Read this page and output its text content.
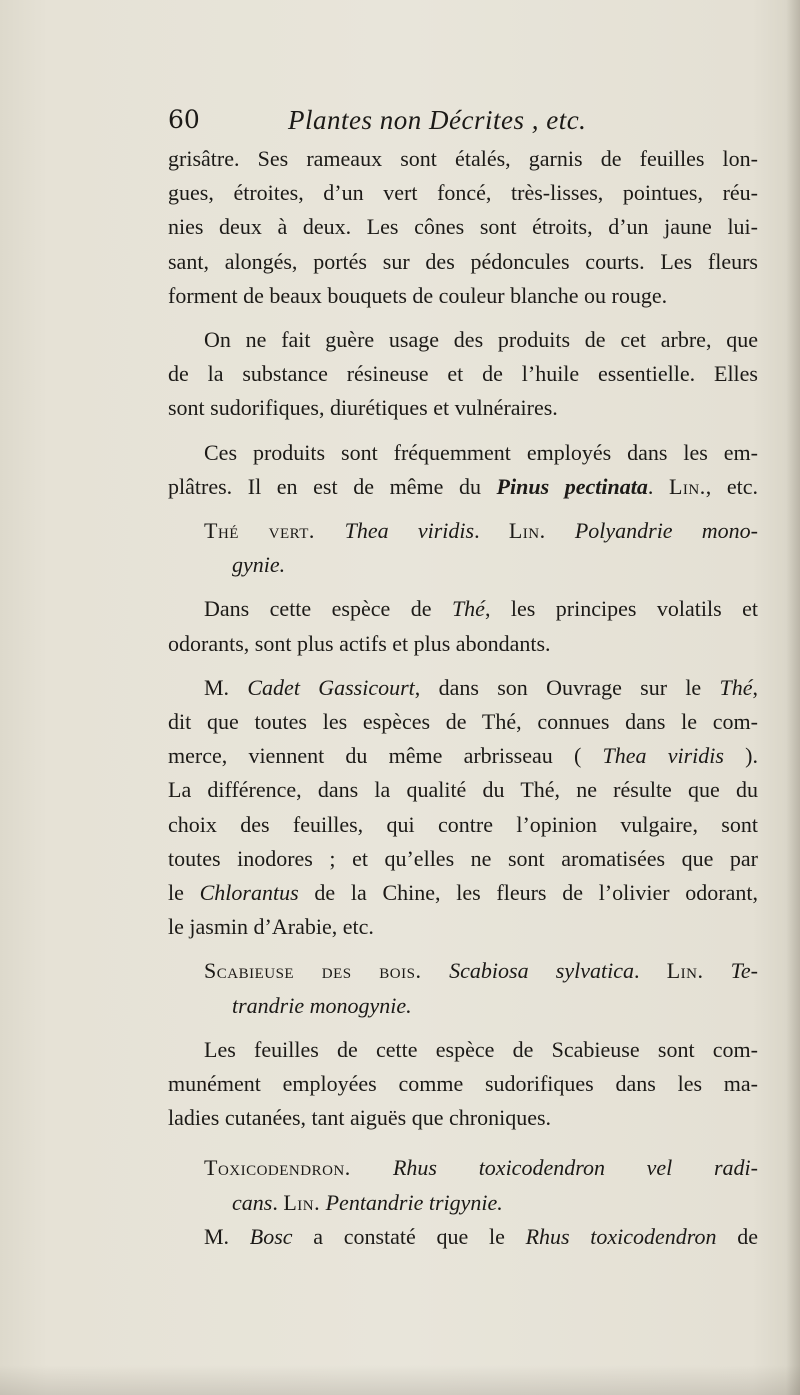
60	Plantes non Décrites , etc.

grisâtre. Ses rameaux sont étalés, garnis de feuilles lon-
gues, étroites, d’un vert foncé, très-lisses, pointues, réu-
nies deux à deux. Les cônes sont étroits, d’un jaune lui-
sant, alongés, portés sur des pédoncules courts. Les fleurs
forment de beaux bouquets de couleur blanche ou rouge.

On ne fait guère usage des produits de cet arbre, que
de la substance résineuse et de l’huile essentielle. Elles
sont sudorifiques, diurétiques et vulnéraires.

Ces produits sont fréquemment employés dans les em-
plâtres. Il en est de même du Pinus pectinata. Lin., etc.

Thé vert. Thea viridis. Lin. Polyandrie mono-
gynie.

Dans cette espèce de Thé, les principes volatils et
odorants, sont plus actifs et plus abondants.

M. Cadet Gassicourt, dans son Ouvrage sur le Thé,
dit que toutes les espèces de Thé, connues dans le com-
merce, viennent du même arbrisseau ( Thea viridis ).
La différence, dans la qualité du Thé, ne résulte que du
choix des feuilles, qui contre l’opinion vulgaire, sont
toutes inodores ; et qu’elles ne sont aromatisées que par
le Chlorantus de la Chine, les fleurs de l’olivier odorant,
le jasmin d’Arabie, etc.

Scabieuse des bois. Scabiosa sylvatica. Lin. Te-
trandrie monogynie.

Les feuilles de cette espèce de Scabieuse sont com-
munément employées comme sudorifiques dans les ma-
ladies cutanées, tant aiguës que chroniques.

Toxicodendron. Rhus toxicodendron vel radi-
cans. Lin. Pentandrie trigynie.

M. Bosc a constaté que le Rhus toxicodendron de
